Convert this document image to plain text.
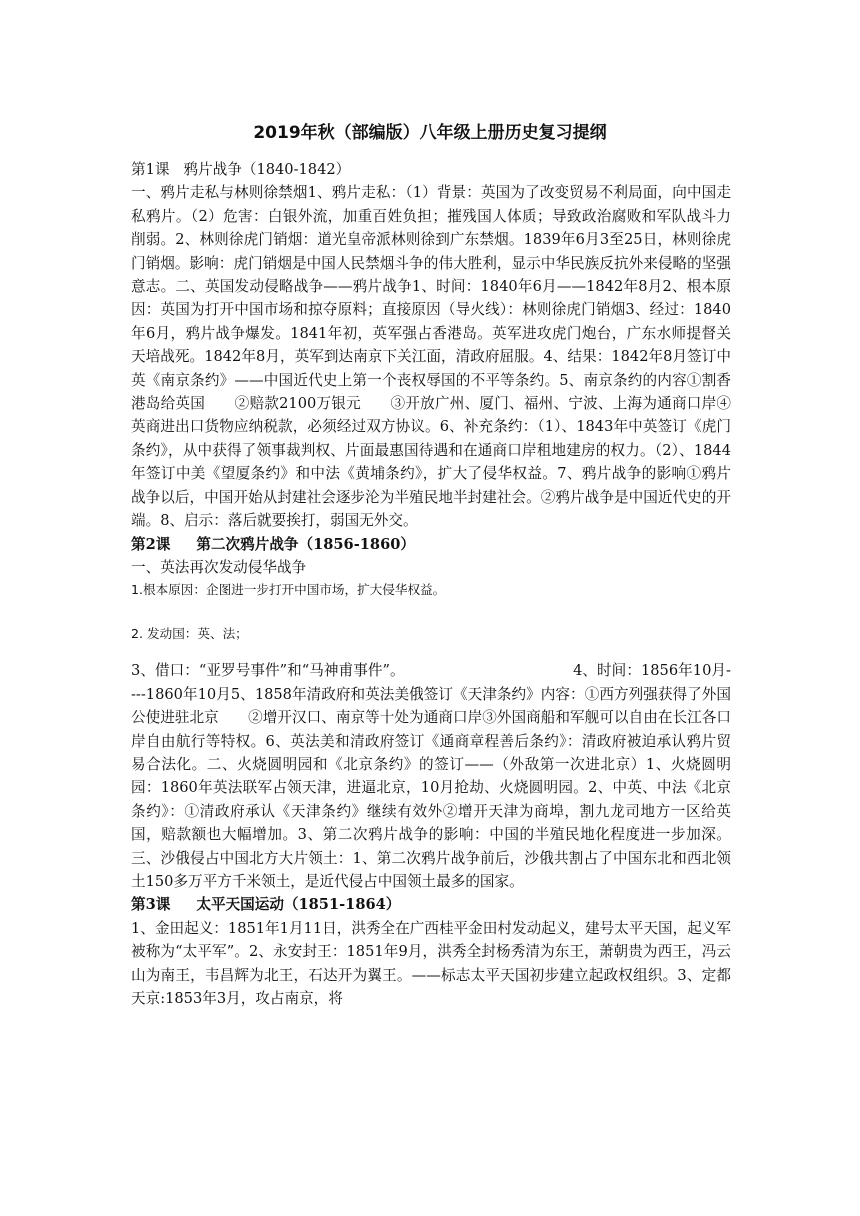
2019年秋（部编版）八年级上册历史复习提纲

第1课 鸦片战争（1840-1842）

一、鸦片走私与林则徐禁烟1、鸦片走私：（1）背景：英国为了改变贸易不利局面，向中国走私鸦片。（2）危害：白银外流，加重百姓负担；摧残国人体质；导致政治腐败和军队战斗力削弱。2、林则徐虎门销烟：道光皇帝派林则徐到广东禁烟。1839年6月3至25日，林则徐虎门销烟。影响：虎门销烟是中国人民禁烟斗争的伟大胜利，显示中华民族反抗外来侵略的坚强意志。二、英国发动侵略战争——鸦片战争1、时间：1840年6月——1842年8月2、根本原因：英国为打开中国市场和掠夺原料；直接原因（导火线）：林则徐虎门销烟3、经过：1840年6月，鸦片战争爆发。1841年初，英军强占香港岛。英军进攻虎门炮台，广东水师提督关天培战死。1842年8月，英军到达南京下关江面，清政府屈服。4、结果：1842年8月签订中英《南京条约》——中国近代史上第一个丧权辱国的不平等条约。5、南京条约的内容①割香港岛给英国　　②赔款2100万银元　　③开放广州、厦门、福州、宁波、上海为通商口岸④英商进出口货物应纳税款，必须经过双方协议。6、补充条约：（1）、1843年中英签订《虎门条约》，从中获得了领事裁判权、片面最惠国待遇和在通商口岸租地建房的权力。（2）、1844年签订中美《望厦条约》和中法《黄埔条约》，扩大了侵华权益。7、鸦片战争的影响①鸦片战争以后，中国开始从封建社会逐步沦为半殖民地半封建社会。②鸦片战争是中国近代史的开端。8、启示：落后就要挨打，弱国无外交。

第2课 第二次鸦片战争（1856-1860）

一、英法再次发动侵华战争

1.根本原因：企图进一步打开中国市场，扩大侵华权益。

2. 发动国：英、法；

3、借口：“亚罗号事件”和“马神甫事件”。　　　　　　　　　　　　4、时间：1856年10月----1860年10月5、1858年清政府和英法美俄签订《天津条约》内容：①西方列强获得了外国公使进驻北京　　②增开汉口、南京等十处为通商口岸③外国商船和军舰可以自由在长江各口岸自由航行等特权。6、英法美和清政府签订《通商章程善后条约》：清政府被迫承认鸦片贸易合法化。二、火烧圆明园和《北京条约》的签订——（外敌第一次进北京）1、火烧圆明园：1860年英法联军占领天津，进逼北京，10月抢劫、火烧圆明园。2、中英、中法《北京条约》：①清政府承认《天津条约》继续有效外②增开天津为商埠，割九龙司地方一区给英国，赔款额也大幅增加。3、第二次鸦片战争的影响：中国的半殖民地化程度进一步加深。三、沙俄侵占中国北方大片领土：1、第二次鸦片战争前后，沙俄共割占了中国东北和西北领土150多万平方千米领土，是近代侵占中国领土最多的国家。

第3课 太平天国运动（1851-1864）

1、金田起义：1851年1月11日，洪秀全在广西桂平金田村发动起义，建号太平天国，起义军被称为“太平军”。2、永安封王：1851年9月，洪秀全封杨秀清为东王，萧朝贵为西王，冯云山为南王，韦昌辉为北王，石达开为翼王。——标志太平天国初步建立起政权组织。3、定都天京:1853年3月，攻占南京，将
